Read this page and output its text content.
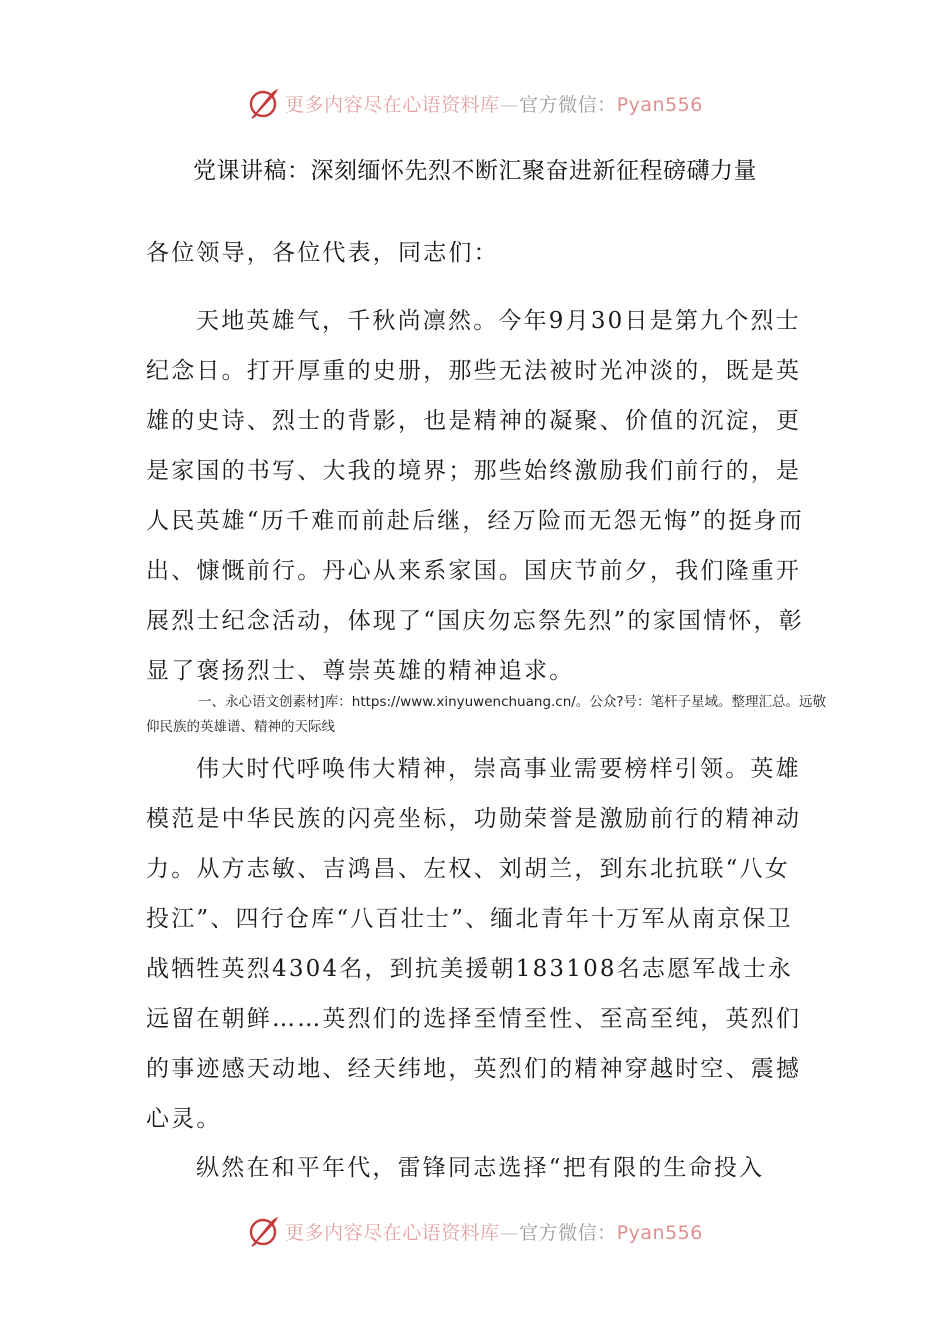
更多内容尽在心语资料库—官方微信：Pyan556
党课讲稿：深刻缅怀先烈不断汇聚奋进新征程磅礴力量

各位领导，各位代表，同志们：

天地英雄气，千秋尚凛然。今年9月30日是第九个烈士纪念日。打开厚重的史册，那些无法被时光冲淡的，既是英雄的史诗、烈士的背影，也是精神的凝聚、价值的沉淀，更是家国的书写、大我的境界；那些始终激励我们前行的，是人民英雄“历千难而前赴后继，经万险而无怨无悔”的挺身而出、慷慨前行。丹心从来系家国。国庆节前夕，我们隆重开展烈士纪念活动，体现了“国庆勿忘祭先烈”的家国情怀，彰显了褒扬烈士、尊崇英雄的精神追求。

一、永心语文创素材]库：https://www.xinyuwenchuang.cn/。公众?号：笔杆子星域。整理汇总。远敬仰民族的英雄谱、精神的天际线

伟大时代呼唤伟大精神，崇高事业需要榜样引领。英雄模范是中华民族的闪亮坐标，功勋荣誉是激励前行的精神动力。从方志敏、吉鸿昌、左权、刘胡兰，到东北抗联“八女投江”、四行仓库“八百壮士”、缅北青年十万军从南京保卫战牺牲英烈4304名，到抗美援朝183108名志愿军战士永远留在朝鲜……英烈们的选择至情至性、至高至纯，英烈们的事迹感天动地、经天纬地，英烈们的精神穿越时空、震撼心灵。

纵然在和平年代，雷锋同志选择“把有限的生命投入

更多内容尽在心语资料库—官方微信：Pyan556
